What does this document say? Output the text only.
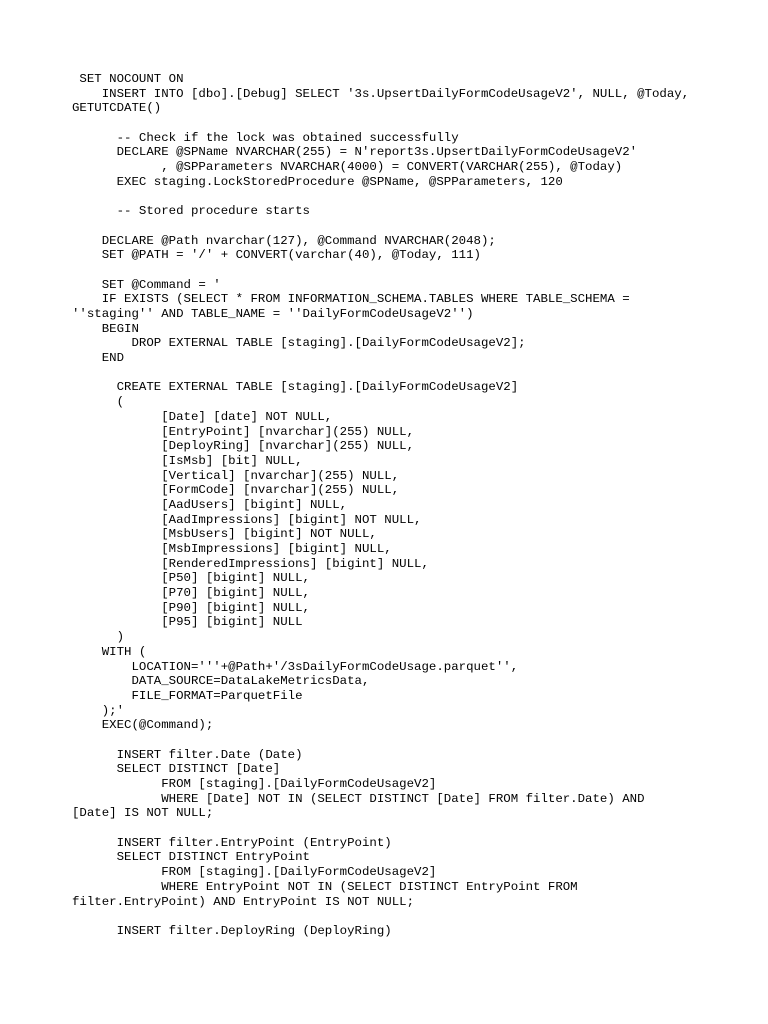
SET NOCOUNT ON
INSERT INTO [dbo].[Debug] SELECT '3s.UpsertDailyFormCodeUsageV2', NULL, @Today,
GETUTCDATE()
-- Check if the lock was obtained successfully
DECLARE @SPName NVARCHAR(255) = N'report3s.UpsertDailyFormCodeUsageV2'
, @SPParameters NVARCHAR(4000) = CONVERT(VARCHAR(255), @Today)
EXEC staging.LockStoredProcedure @SPName, @SPParameters, 120
-- Stored procedure starts
DECLARE @Path nvarchar(127), @Command NVARCHAR(2048);
SET @PATH = '/' + CONVERT(varchar(40), @Today, 111)
SET @Command = '
IF EXISTS (SELECT * FROM INFORMATION_SCHEMA.TABLES WHERE TABLE_SCHEMA =
''staging'' AND TABLE_NAME = ''DailyFormCodeUsageV2'')
BEGIN
DROP EXTERNAL TABLE [staging].[DailyFormCodeUsageV2];
END
CREATE EXTERNAL TABLE [staging].[DailyFormCodeUsageV2]
(
[Date] [date] NOT NULL,
[EntryPoint] [nvarchar](255) NULL,
[DeployRing] [nvarchar](255) NULL,
[IsMsb] [bit] NULL,
[Vertical] [nvarchar](255) NULL,
[FormCode] [nvarchar](255) NULL,
[AadUsers] [bigint] NULL,
[AadImpressions] [bigint] NOT NULL,
[MsbUsers] [bigint] NOT NULL,
[MsbImpressions] [bigint] NULL,
[RenderedImpressions] [bigint] NULL,
[P50] [bigint] NULL,
[P70] [bigint] NULL,
[P90] [bigint] NULL,
[P95] [bigint] NULL
)
WITH (
LOCATION='''+@Path+'/3sDailyFormCodeUsage.parquet'',
DATA_SOURCE=DataLakeMetricsData,
FILE_FORMAT=ParquetFile
);'
EXEC(@Command);
INSERT filter.Date (Date)
SELECT DISTINCT [Date]
FROM [staging].[DailyFormCodeUsageV2]
WHERE [Date] NOT IN (SELECT DISTINCT [Date] FROM filter.Date) AND
[Date] IS NOT NULL;
INSERT filter.EntryPoint (EntryPoint)
SELECT DISTINCT EntryPoint
FROM [staging].[DailyFormCodeUsageV2]
WHERE EntryPoint NOT IN (SELECT DISTINCT EntryPoint FROM
filter.EntryPoint) AND EntryPoint IS NOT NULL;
INSERT filter.DeployRing (DeployRing)
